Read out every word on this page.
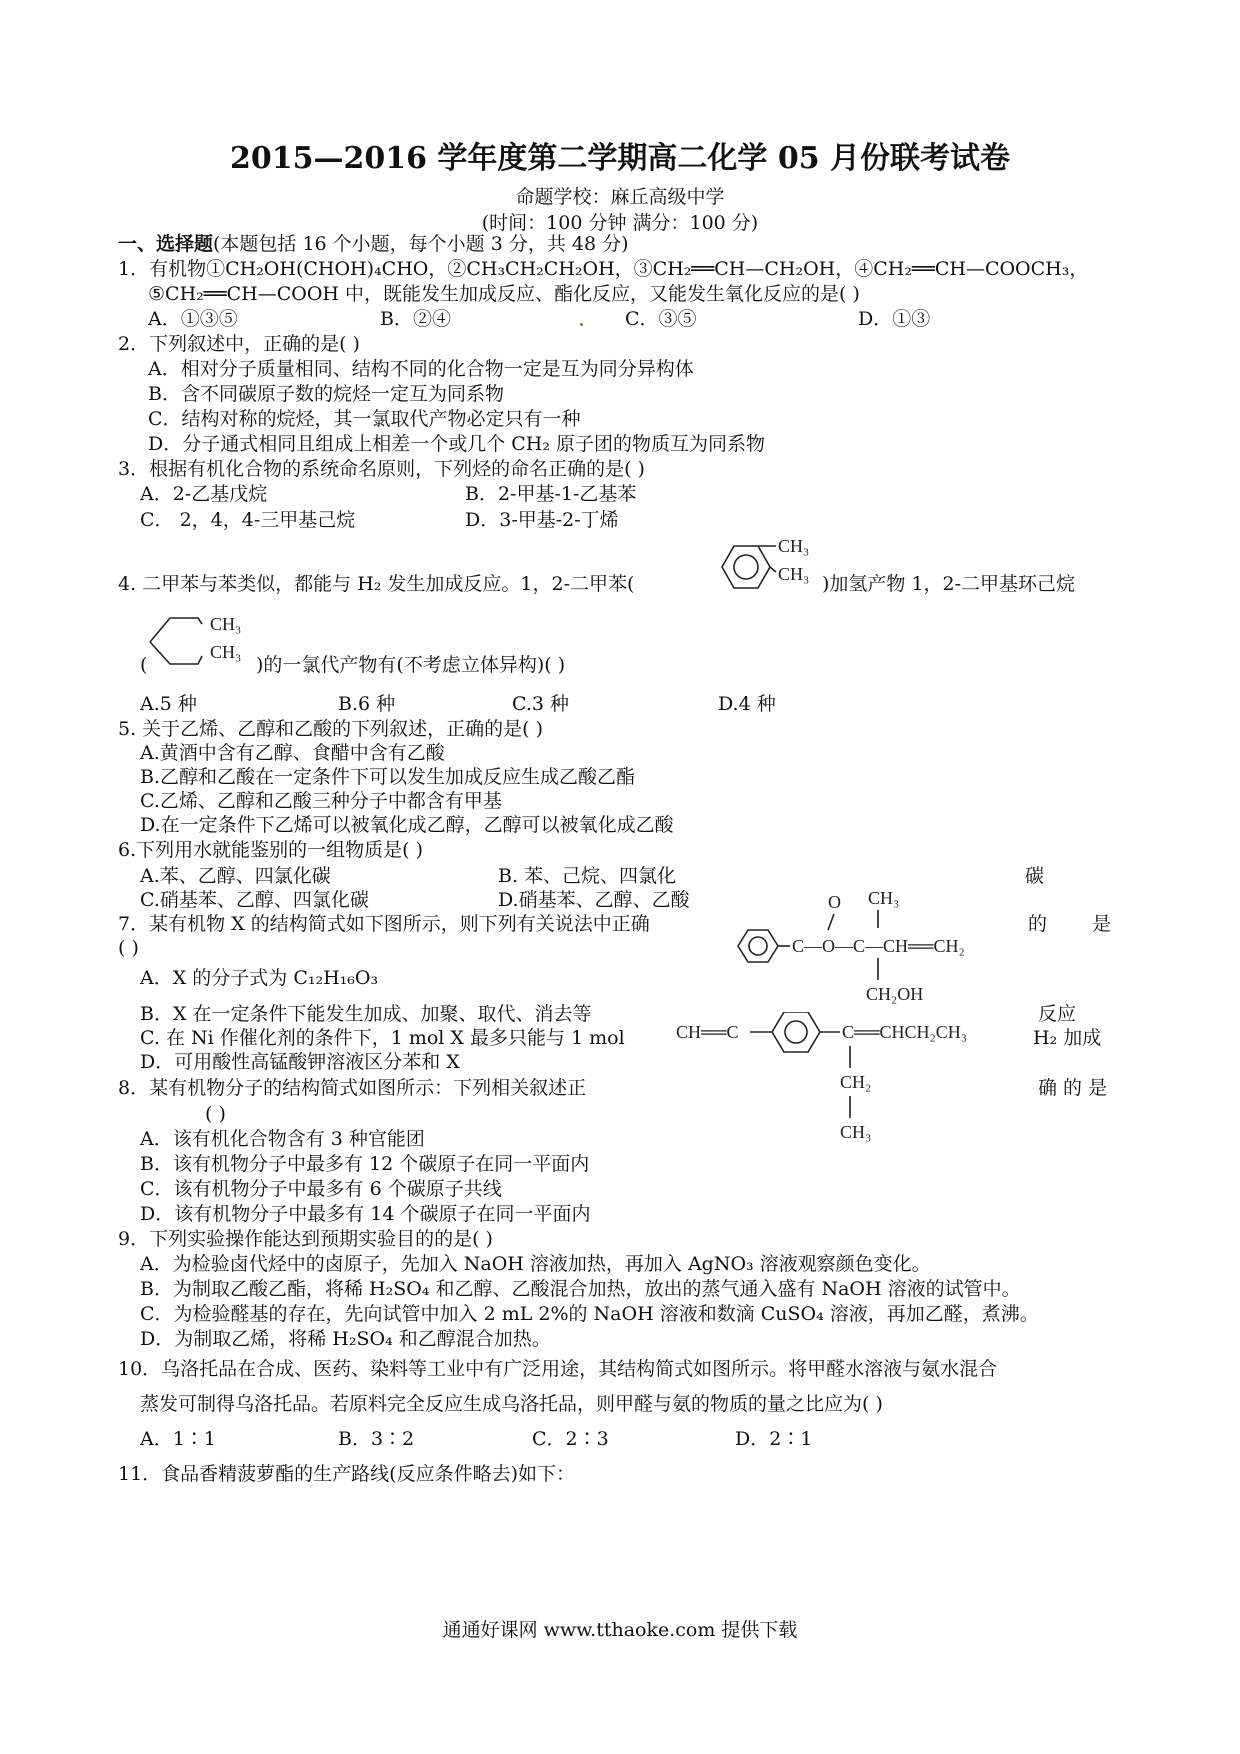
2015—2016 学年度第二学期高二化学 05 月份联考试卷
命题学校：麻丘高级中学
(时间：100 分钟 满分：100 分)
一、选择题(本题包括 16 个小题，每个小题 3 分，共 48 分)
1．有机物①CH₂OH(CHOH)₄CHO，②CH₃CH₂CH₂OH，③CH₂══CH—CH₂OH，④CH₂══CH—COOCH₃，
⑤CH₂══CH—COOH 中，既能发生加成反应、酯化反应，又能发生氧化反应的是( )
A．①③⑤	B．②④	C．③⑤	D．①③
2．下列叙述中，正确的是( )
A．相对分子质量相同、结构不同的化合物一定是互为同分异构体
B．含不同碳原子数的烷烃一定互为同系物
C．结构对称的烷烃，其一氯取代产物必定只有一种
D．分子通式相同且组成上相差一个或几个 CH₂ 原子团的物质互为同系物
3．根据有机化合物的系统命名原则，下列烃的命名正确的是( )
A．2-乙基戊烷	B．2-甲基-1-乙基苯
C． 2，4，4-三甲基己烷	D．3-甲基-2-丁烯
4. 二甲苯与苯类似，都能与 H₂ 发生加成反应。1，2-二甲苯(
CH₃
CH₃ )加氢产物 1，2-二甲基环己烷
CH₃
CH₃
(	)的一氯代产物有(不考虑立体异构)( )
A.5 种	B.6 种	C.3 种	D.4 种
5. 关于乙烯、乙醇和乙酸的下列叙述，正确的是( )
A.黄酒中含有乙醇、食醋中含有乙酸
B.乙醇和乙酸在一定条件下可以发生加成反应生成乙酸乙酯
C.乙烯、乙醇和乙酸三种分子中都含有甲基
D.在一定条件下乙烯可以被氧化成乙醇，乙醇可以被氧化成乙酸
6.下列用水就能鉴别的一组物质是( )
A.苯、乙醇、四氯化碳	B. 苯、己烷、四氯化	碳
C.硝基苯、乙醇、四氯化碳	D.硝基苯、乙醇、乙酸	O CH₃
C—O—C—CH══CH₂
CH₂OH
7．某有机物 X 的结构简式如下图所示，则下列有关说法中正确	的 是
( )
A．X 的分子式为 C₁₂H₁₆O₃
B．X 在一定条件下能发生加成、加聚、取代、消去等	反应
C. 在 Ni 作催化剂的条件下，1 mol X 最多只能与 1 mol	H₂ 加成
D．可用酸性高锰酸钾溶液区分苯和 X
CH══C	C══CHCH₂CH₃
CH₂
CH₃
8．某有机物分子的结构简式如图所示：下列相关叙述正	确 的 是
( )
A．该有机化合物含有 3 种官能团
B．该有机物分子中最多有 12 个碳原子在同一平面内
C．该有机物分子中最多有 6 个碳原子共线
D．该有机物分子中最多有 14 个碳原子在同一平面内
9．下列实验操作能达到预期实验目的的是( )
A．为检验卤代烃中的卤原子，先加入 NaOH 溶液加热，再加入 AgNO₃ 溶液观察颜色变化。
B．为制取乙酸乙酯，将稀 H₂SO₄ 和乙醇、乙酸混合加热，放出的蒸气通入盛有 NaOH 溶液的试管中。
C．为检验醛基的存在，先向试管中加入 2 mL 2%的 NaOH 溶液和数滴 CuSO₄ 溶液，再加乙醛，煮沸。
D．为制取乙烯，将稀 H₂SO₄ 和乙醇混合加热。
10．乌洛托品在合成、医药、染料等工业中有广泛用途，其结构简式如图所示。将甲醛水溶液与氨水混合
蒸发可制得乌洛托品。若原料完全反应生成乌洛托品，则甲醛与氨的物质的量之比应为( )
A．1∶1	B．3∶2	C．2∶3	D．2∶1
11．食品香精菠萝酯的生产路线(反应条件略去)如下：
通通好课网 www.tthaoke.com 提供下载
